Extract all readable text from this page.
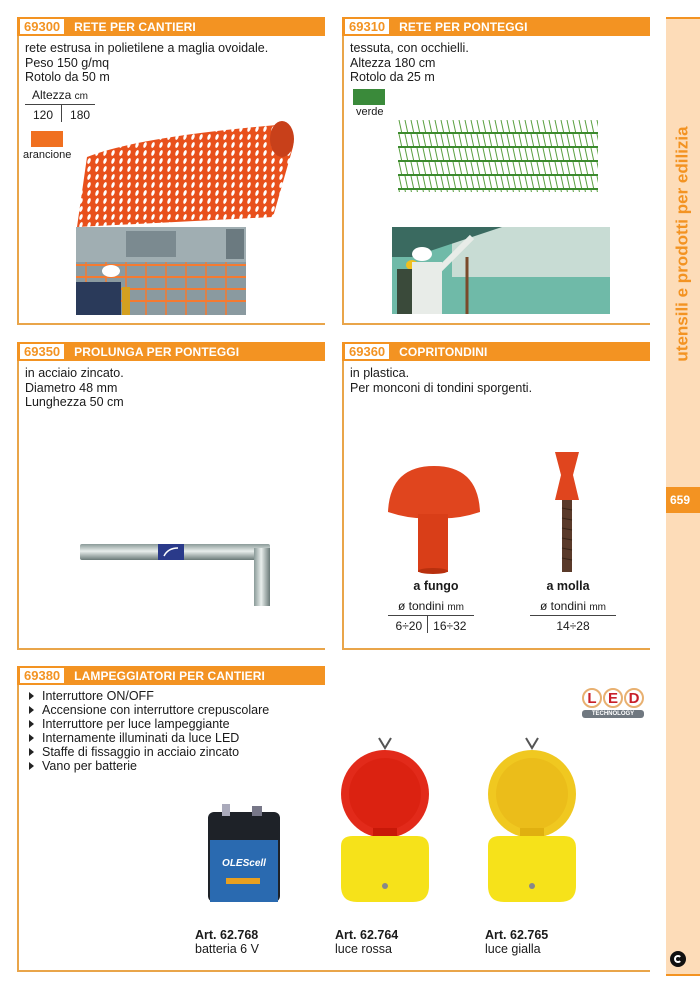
utensili e prodotti per edilizia
659
69300	RETE PER CANTIERI
rete estrusa in polietilene a maglia ovoidale.
Peso 150 g/mq
Rotolo da 50 m
Altezza cm
120	180
arancione
69310	RETE PER PONTEGGI
tessuta, con occhielli.
Altezza 180 cm
Rotolo da 25 m
verde
69350	PROLUNGA PER PONTEGGI
in acciaio zincato.
Diametro 48 mm
Lunghezza 50 cm
69360	COPRITONDINI
in plastica.
Per monconi di tondini sporgenti.
a fungo
ø tondini mm
6÷20 16÷32
a molla
ø tondini mm
14÷28
69380	LAMPEGGIATORI PER CANTIERI
Interruttore ON/OFF
Accensione con interruttore crepuscolare
Interruttore per luce lampeggiante
Internamente illuminati da luce LED
Staffe di fissaggio in acciaio zincato
Vano per batterie
L E D
TECHNOLOGY
OLEScell
Art. 62.768
batteria 6 V
Art. 62.764
luce rossa
Art. 62.765
luce gialla
